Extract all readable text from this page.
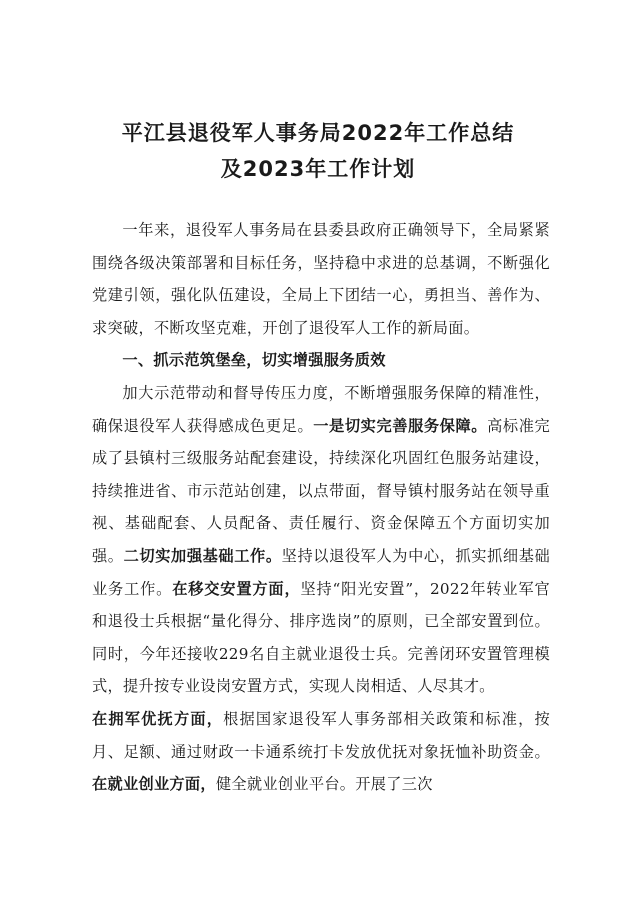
平江县退役军人事务局2022年工作总结
及2023年工作计划

一年来，退役军人事务局在县委县政府正确领导下，全局紧紧围绕各级决策部署和目标任务，坚持稳中求进的总基调，不断强化党建引领，强化队伍建设，全局上下团结一心，勇担当、善作为、求突破，不断攻坚克难，开创了退役军人工作的新局面。

一、抓示范筑堡垒，切实增强服务质效

加大示范带动和督导传压力度，不断增强服务保障的精准性，确保退役军人获得感成色更足。一是切实完善服务保障。高标准完成了县镇村三级服务站配套建设，持续深化巩固红色服务站建设，持续推进省、市示范站创建，以点带面，督导镇村服务站在领导重视、基础配套、人员配备、责任履行、资金保障五个方面切实加强。二切实加强基础工作。坚持以退役军人为中心，抓实抓细基础业务工作。在移交安置方面，坚持“阳光安置”，2022年转业军官和退役士兵根据“量化得分、排序选岗”的原则，已全部安置到位。同时，今年还接收229名自主就业退役士兵。完善闭环安置管理模式，提升按专业设岗安置方式，实现人岗相适、人尽其才。

在拥军优抚方面，根据国家退役军人事务部相关政策和标准，按月、足额、通过财政一卡通系统打卡发放优抚对象抚恤补助资金。在就业创业方面，健全就业创业平台。开展了三次
